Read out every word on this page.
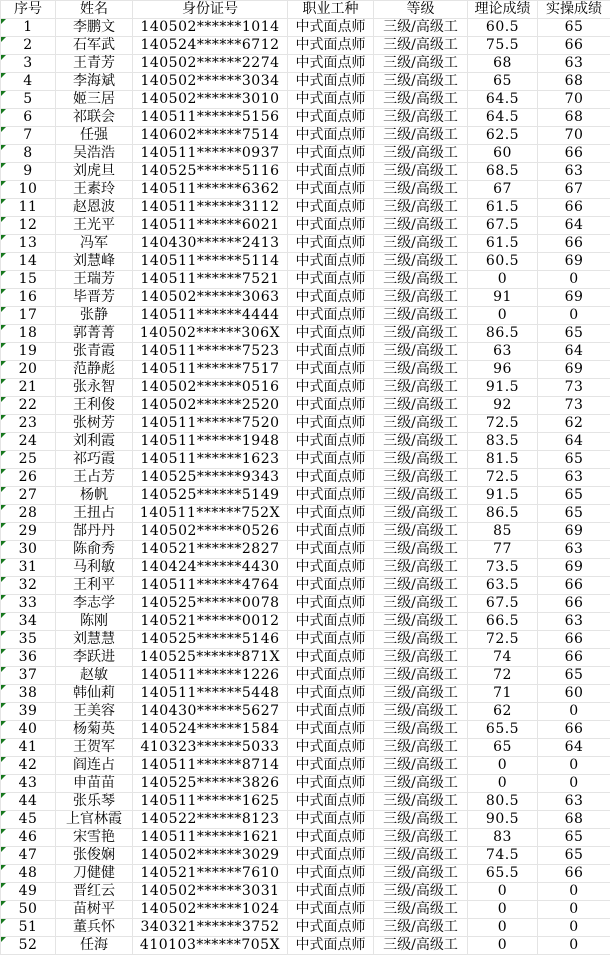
序号	姓名	身份证号	职业工种	等级	理论成绩	实操成绩

1	李鹏文	140502******1014	中式面点师	三级/高级工	60.5	65

2	石军武	140524******6712	中式面点师	三级/高级工	75.5	66

3	王青芳	140502******2274	中式面点师	三级/高级工	68	63

4	李海斌	140502******3034	中式面点师	三级/高级工	65	68

5	姬三居	140502******3010	中式面点师	三级/高级工	64.5	70

6	祁联会	140511******5156	中式面点师	三级/高级工	64.5	68

7	任强	140602******7514	中式面点师	三级/高级工	62.5	70

8	吴浩浩	140511******0937	中式面点师	三级/高级工	60	66

9	刘虎旦	140525******5116	中式面点师	三级/高级工	68.5	63

10	王素玲	140511******6362	中式面点师	三级/高级工	67	67

11	赵恩波	140511******3112	中式面点师	三级/高级工	61.5	66

12	王光平	140511******6021	中式面点师	三级/高级工	67.5	64

13	冯军	140430******2413	中式面点师	三级/高级工	61.5	66

14	刘慧峰	140511******5114	中式面点师	三级/高级工	60.5	69

15	王瑞芳	140511******7521	中式面点师	三级/高级工	0	0

16	毕晋芳	140502******3063	中式面点师	三级/高级工	91	69

17	张静	140511******4444	中式面点师	三级/高级工	0	0

18	郭菁菁	140502******306X	中式面点师	三级/高级工	86.5	65

19	张青霞	140511******7523	中式面点师	三级/高级工	63	64

20	范静彪	140511******7517	中式面点师	三级/高级工	96	69

21	张永智	140502******0516	中式面点师	三级/高级工	91.5	73

22	王利俊	140502******2520	中式面点师	三级/高级工	92	73

23	张树芳	140511******7520	中式面点师	三级/高级工	72.5	62

24	刘利霞	140511******1948	中式面点师	三级/高级工	83.5	64

25	祁巧霞	140511******1623	中式面点师	三级/高级工	81.5	65

26	王占芳	140525******9343	中式面点师	三级/高级工	72.5	63

27	杨帆	140525******5149	中式面点师	三级/高级工	91.5	65

28	王扭占	140511******752X	中式面点师	三级/高级工	86.5	65

29	郜丹丹	140502******0526	中式面点师	三级/高级工	85	69

30	陈俞秀	140521******2827	中式面点师	三级/高级工	77	63

31	马利敏	140424******4430	中式面点师	三级/高级工	73.5	69

32	王利平	140511******4764	中式面点师	三级/高级工	63.5	66

33	李志学	140525******0078	中式面点师	三级/高级工	67.5	66

34	陈刚	140521******0012	中式面点师	三级/高级工	66.5	63

35	刘慧慧	140525******5146	中式面点师	三级/高级工	72.5	66

36	李跃进	140525******871X	中式面点师	三级/高级工	74	66

37	赵敏	140511******1226	中式面点师	三级/高级工	72	65

38	韩仙莉	140511******5448	中式面点师	三级/高级工	71	60

39	王美容	140430******5627	中式面点师	三级/高级工	62	0

40	杨菊英	140524******1584	中式面点师	三级/高级工	65.5	66

41	王贺军	410323******5033	中式面点师	三级/高级工	65	64

42	阎连占	140511******8714	中式面点师	三级/高级工	0	0

43	申苗苗	140525******3826	中式面点师	三级/高级工	0	0

44	张乐琴	140511******1625	中式面点师	三级/高级工	80.5	63

45	上官林霞	140522******8123	中式面点师	三级/高级工	90.5	68

46	宋雪艳	140511******1621	中式面点师	三级/高级工	83	65

47	张俊娴	140502******3029	中式面点师	三级/高级工	74.5	65

48	刀健健	140521******7610	中式面点师	三级/高级工	65.5	66

49	晋红云	140502******3031	中式面点师	三级/高级工	0	0

50	苗树平	140502******1024	中式面点师	三级/高级工	0	0

51	董兵怀	340321******3752	中式面点师	三级/高级工	0	0

52	任海	410103******705X	中式面点师	三级/高级工	0	0
